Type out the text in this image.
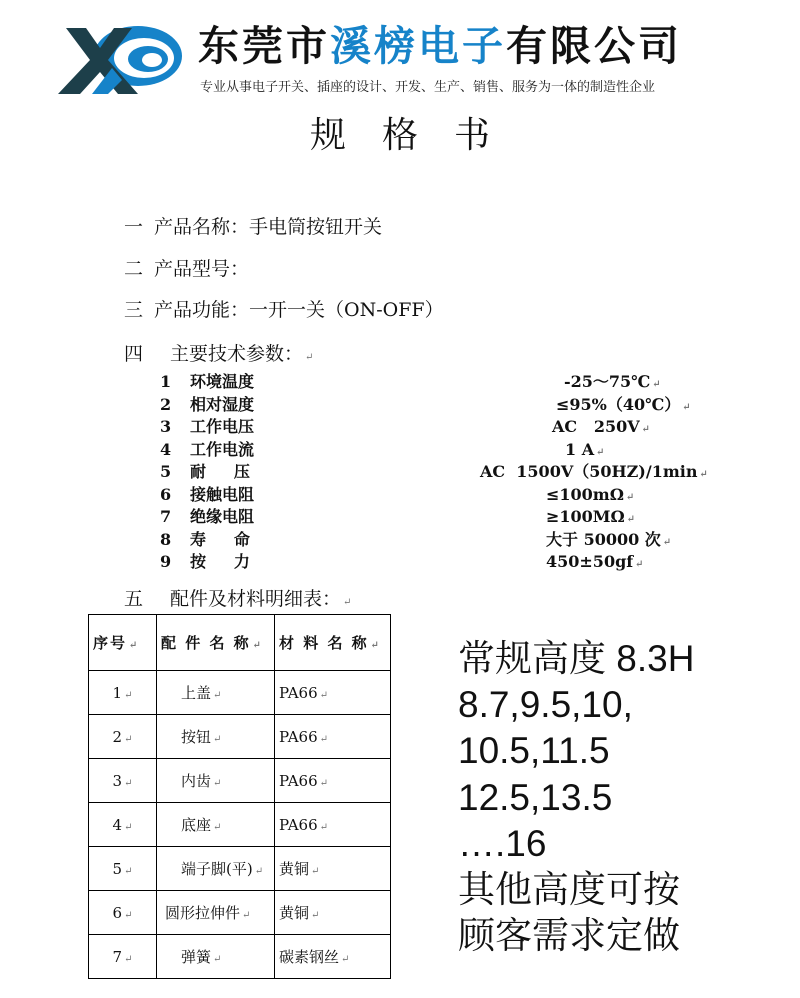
东莞市溪榜电子有限公司
专业从事电子开关、插座的设计、开发、生产、销售、服务为一体的制造性企业
规格书
一 产品名称：手电筒按钮开关
二 产品型号：
三 产品功能：一开一关（ON-OFF）
四 主要技术参数： ↵
1 环境温度	-25～75℃ ↵
2 相对湿度	≤95%（40℃） ↵
3 工作电压	AC   250V ↵
4 工作电流	1 A ↵
5 耐     压	AC  1500V（50HZ)/1min ↵
6 接触电阻	≤100mΩ ↵
7 绝缘电阻	≥100MΩ ↵
8 寿     命	大于 50000 次 ↵
9 按     力	450±50gf ↵
五 配件及材料明细表： ↵
序号 ↵	配 件 名 称 ↵	材 料 名 称 ↵
1 ↵	上盖 ↵	PA66 ↵
2 ↵	按钮 ↵	PA66 ↵
3 ↵	内齿 ↵	PA66 ↵
4 ↵	底座 ↵	PA66 ↵
5 ↵	端子脚(平) ↵	黄铜 ↵
6 ↵	圆形拉伸件 ↵	黄铜 ↵
7 ↵	弹簧 ↵	碳素钢丝 ↵
常规高度 8.3H
8.7,9.5,10,
10.5,11.5
12.5,13.5
….16
其他高度可按
顾客需求定做
